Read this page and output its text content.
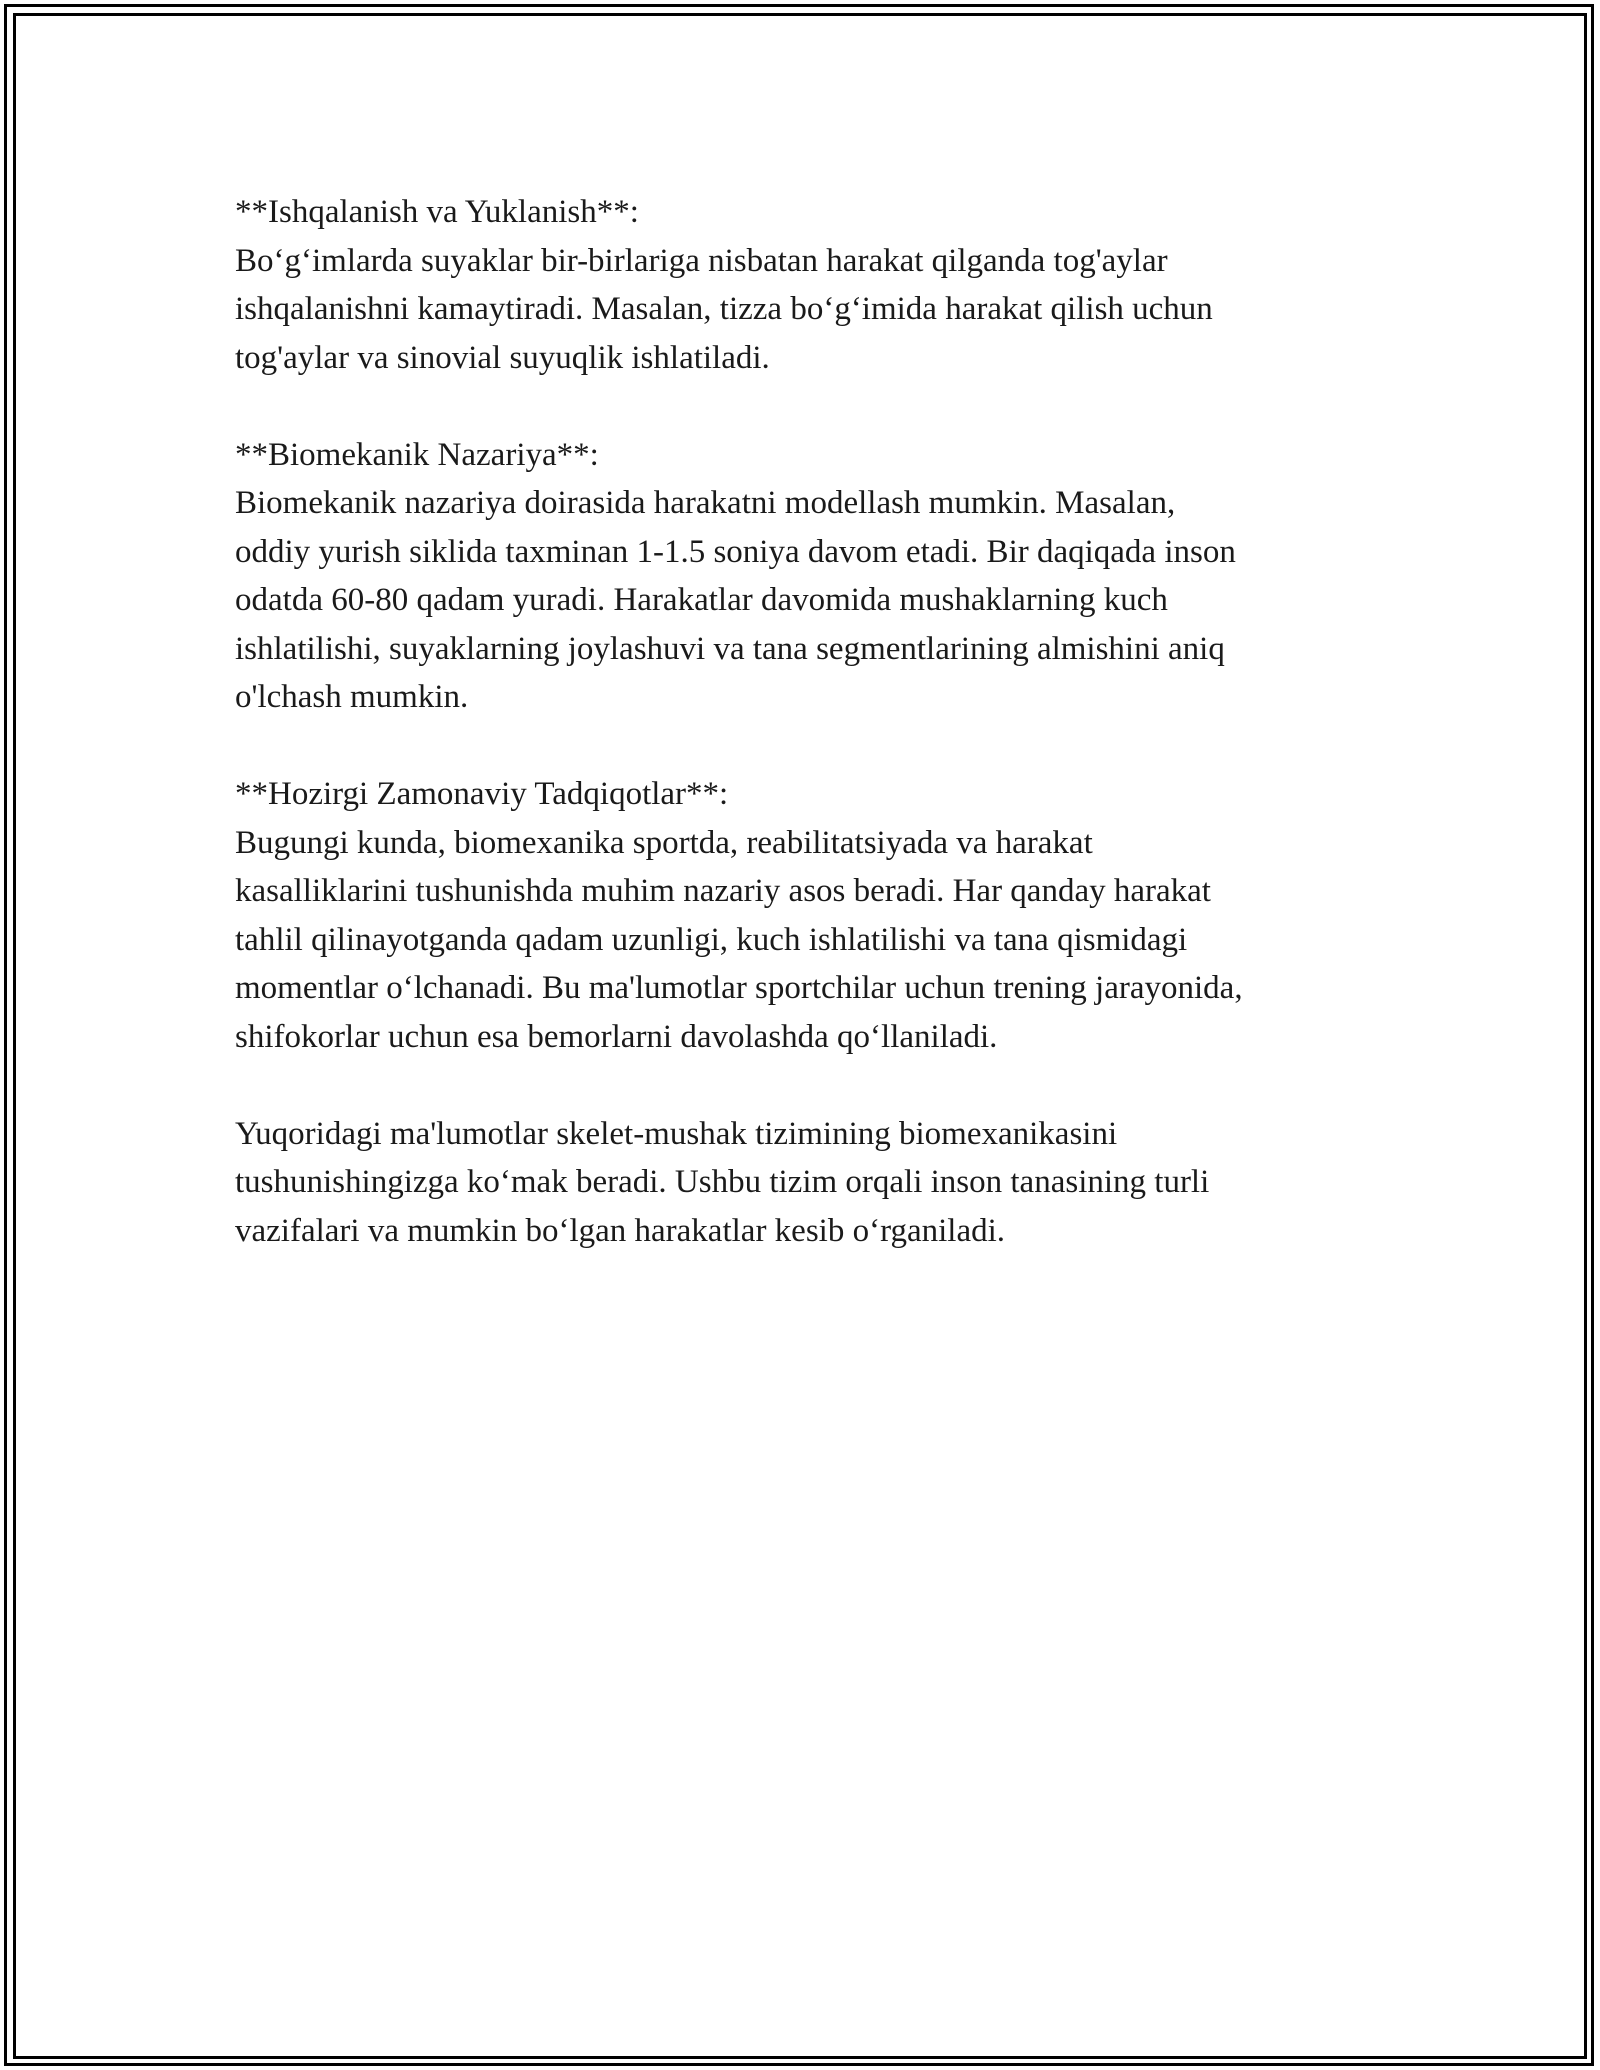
**Ishqalanish va Yuklanish**:
Bo‘g‘imlarda suyaklar bir-birlariga nisbatan harakat qilganda tog'aylar
ishqalanishni kamaytiradi. Masalan, tizza bo‘g‘imida harakat qilish uchun
tog'aylar va sinovial suyuqlik ishlatiladi.
**Biomekanik Nazariya**:
Biomekanik nazariya doirasida harakatni modellash mumkin. Masalan,
oddiy yurish siklida taxminan 1-1.5 soniya davom etadi. Bir daqiqada inson
odatda 60-80 qadam yuradi. Harakatlar davomida mushaklarning kuch
ishlatilishi, suyaklarning joylashuvi va tana segmentlarining almishini aniq
o'lchash mumkin.
**Hozirgi Zamonaviy Tadqiqotlar**:
Bugungi kunda, biomexanika sportda, reabilitatsiyada va harakat
kasalliklarini tushunishda muhim nazariy asos beradi. Har qanday harakat
tahlil qilinayotganda qadam uzunligi, kuch ishlatilishi va tana qismidagi
momentlar o‘lchanadi. Bu ma'lumotlar sportchilar uchun trening jarayonida,
shifokorlar uchun esa bemorlarni davolashda qo‘llaniladi.
Yuqoridagi ma'lumotlar skelet-mushak tizimining biomexanikasini
tushunishingizga ko‘mak beradi. Ushbu tizim orqali inson tanasining turli
vazifalari va mumkin bo‘lgan harakatlar kesib o‘rganiladi.
